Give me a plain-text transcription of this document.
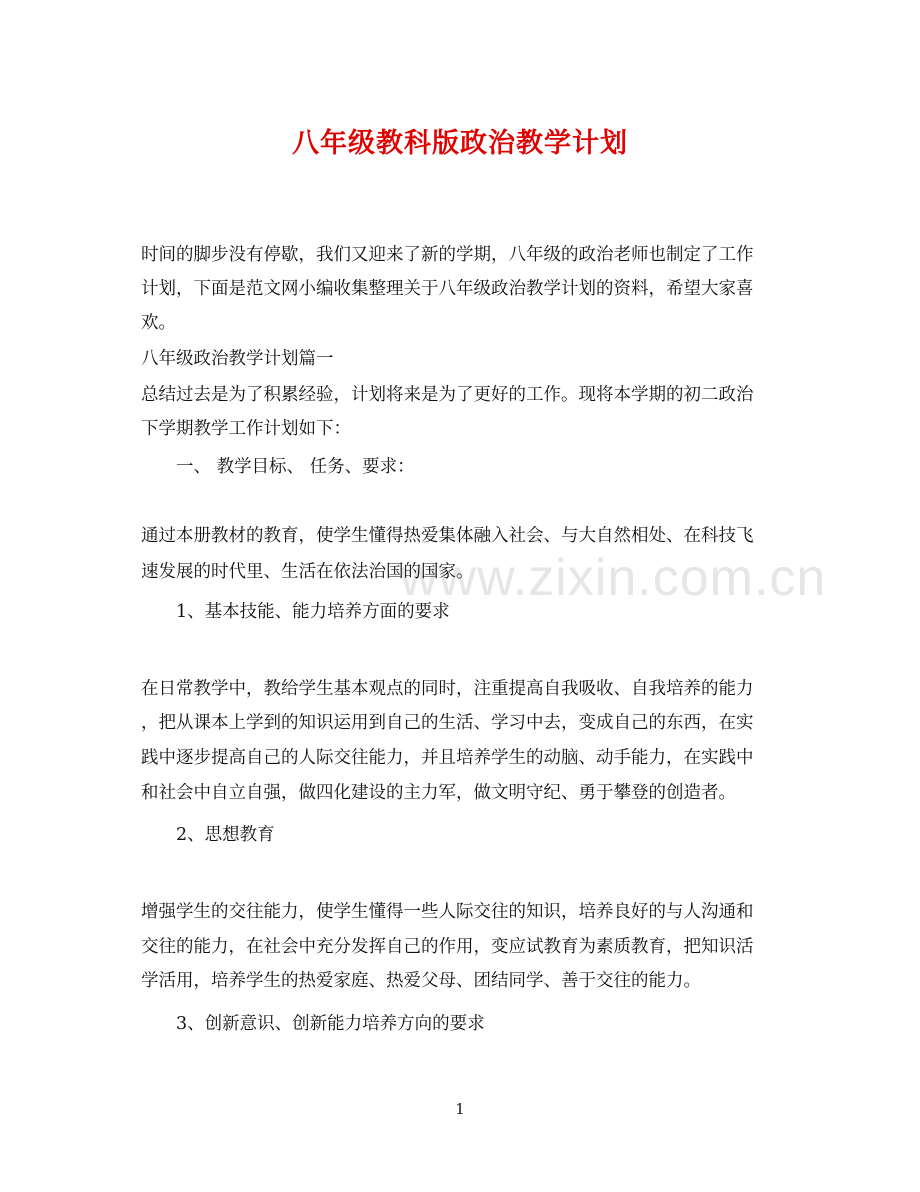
www.zixin.com.cn
八年级教科版政治教学计划

时间的脚步没有停歇，我们又迎来了新的学期，八年级的政治老师也制定了工作

计划，下面是范文网小编收集整理关于八年级政治教学计划的资料，希望大家喜

欢。

八年级政治教学计划篇一

总结过去是为了积累经验，计划将来是为了更好的工作。现将本学期的初二政治

下学期教学工作计划如下：

一、 教学目标、 任务、要求：

通过本册教材的教育，使学生懂得热爱集体融入社会、与大自然相处、在科技飞

速发展的时代里、生活在依法治国的国家。

1、基本技能、能力培养方面的要求

在日常教学中，教给学生基本观点的同时，注重提高自我吸收、自我培养的能力

，把从课本上学到的知识运用到自己的生活、学习中去，变成自己的东西，在实

践中逐步提高自己的人际交往能力，并且培养学生的动脑、动手能力，在实践中

和社会中自立自强，做四化建设的主力军，做文明守纪、勇于攀登的创造者。

2、思想教育

增强学生的交往能力，使学生懂得一些人际交往的知识，培养良好的与人沟通和

交往的能力，在社会中充分发挥自己的作用，变应试教育为素质教育，把知识活

学活用，培养学生的热爱家庭、热爱父母、团结同学、善于交往的能力。

3、创新意识、创新能力培养方向的要求

1
